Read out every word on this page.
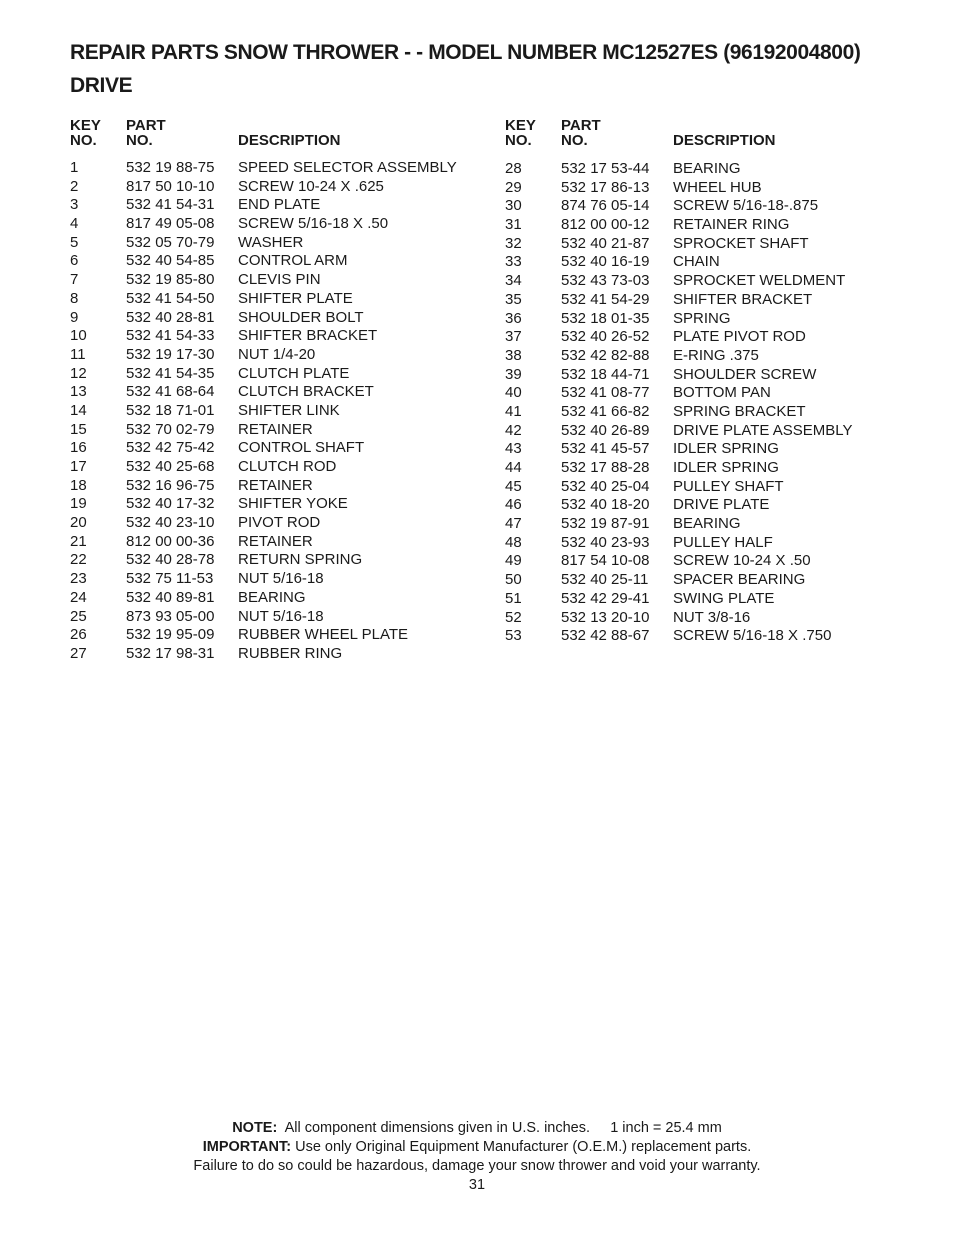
REPAIR PARTS SNOW THROWER - - MODEL NUMBER MC12527ES (96192004800)
DRIVE
KEY
NO.
PART
NO.	DESCRIPTION
1	532 19 88-75 SPEED SELECTOR ASSEMBLY
2	817 50 10-10 SCREW 10-24 X .625
3	532 41 54-31 END PLATE
4	817 49 05-08 SCREW 5/16-18 X .50
5	532 05 70-79 WASHER
6	532 40 54-85 CONTROL ARM
7	532 19 85-80 CLEVIS PIN
8	532 41 54-50 SHIFTER PLATE
9	532 40 28-81 SHOULDER BOLT
10	532 41 54-33 SHIFTER BRACKET
11	532 19 17-30 NUT 1/4-20
12	532 41 54-35 CLUTCH PLATE
13	532 41 68-64 CLUTCH BRACKET
14	532 18 71-01 SHIFTER LINK
15	532 70 02-79 RETAINER
16	532 42 75-42 CONTROL SHAFT
17	532 40 25-68 CLUTCH ROD
18	532 16 96-75 RETAINER
19	532 40 17-32 SHIFTER YOKE
20	532 40 23-10 PIVOT ROD
21	812 00 00-36 RETAINER
22	532 40 28-78 RETURN SPRING
23	532 75 11-53 NUT 5/16-18
24	532 40 89-81 BEARING
25	873 93 05-00 NUT 5/16-18
26	532 19 95-09 RUBBER WHEEL PLATE
27	532 17 98-31 RUBBER RING
KEY
NO.
PART
NO.	DESCRIPTION
28	532 17 53-44 BEARING
29	532 17 86-13 WHEEL HUB
30	874 76 05-14 SCREW 5/16-18-.875
31	812 00 00-12 RETAINER RING
32	532 40 21-87 SPROCKET SHAFT
33	532 40 16-19 CHAIN
34	532 43 73-03 SPROCKET WELDMENT
35	532 41 54-29 SHIFTER BRACKET
36	532 18 01-35 SPRING
37	532 40 26-52 PLATE PIVOT ROD
38	532 42 82-88 E-RING .375
39	532 18 44-71 SHOULDER SCREW
40	532 41 08-77 BOTTOM PAN
41	532 41 66-82 SPRING BRACKET
42	532 40 26-89 DRIVE PLATE ASSEMBLY
43	532 41 45-57 IDLER SPRING
44	532 17 88-28 IDLER SPRING
45	532 40 25-04 PULLEY SHAFT
46	532 40 18-20 DRIVE PLATE
47	532 19 87-91 BEARING
48	532 40 23-93 PULLEY HALF
49	817 54 10-08 SCREW 10-24 X .50
50	532 40 25-11 SPACER BEARING
51	532 42 29-41 SWING PLATE
52	532 13 20-10 NUT 3/8-16
53	532 42 88-67 SCREW 5/16-18 X .750
NOTE: All component dimensions given in U.S. inches. 1 inch = 25.4 mm
IMPORTANT: Use only Original Equipment Manufacturer (O.E.M.) replacement parts.
Failure to do so could be hazardous, damage your snow thrower and void your warranty.
31
